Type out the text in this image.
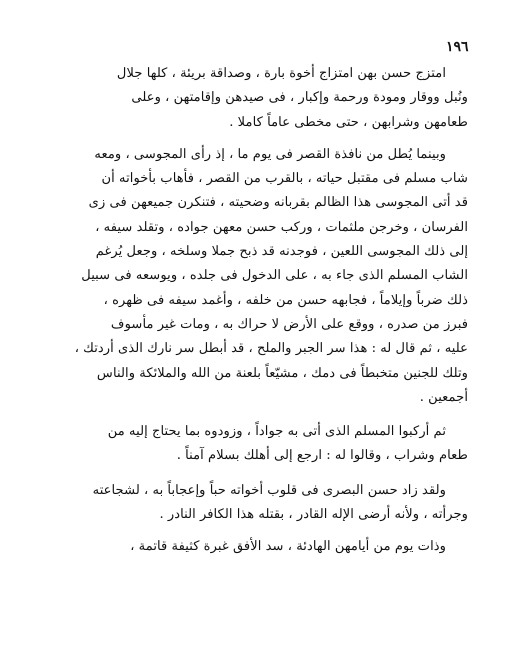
١٩٦
امتزج حسن بهن امتزاج أخوة بارة ، وصداقة بريئة ، كلها جلال
ونُبل ووقار ومودة ورحمة وإكبار ، فى صيدهن وإقامتهن ، وعلى
طعامهن وشرابهن ، حتى مخطى عاماً كاملا .
وبينما يُطل من نافذة القصر فى يوم ما ، إذ رأى المجوسى ، ومعه
شاب مسلم فى مقتبل حياته ، بالقرب من القصر ، فأهاب بأخواته أن
قد أتى المجوسى هذا الظالم بقربانه وضحيته ، فتنكرن جميعهن فى زى
الفرسان ، وخرجن ملثمات ، وركب حسن معهن جواده ، وتقلد سيفه ،
إلى ذلك المجوسى اللعين ، فوجدنه قد ذبح جملا وسلخه ، وجعل يُرغم
الشاب المسلم الذى جاء به ، على الدخول فى جلده ، ويوسعه فى سبيل
ذلك ضرباً وإيلاماً ، فجابهه حسن من خلفه ، وأغمد سيفه فى ظهره ،
فبرز من صدره ، ووقع على الأرض لا حراك به ، ومات غير مأسوف
عليه ، ثم قال له : هذا سر الجبر والملح ، قد أبطل سر نارك الذى أردتك ،
وتلك للجنين متخبطاً فى دمك ، مشيّعاً بلعنة من الله والملائكة والناس
أجمعين .
ثم أركبوا المسلم الذى أتى به جواداً ، وزودوه بما يحتاج إليه من
طعام وشراب ، وقالوا له : ارجع إلى أهلك بسلام آمناً .
ولقد زاد حسن البصرى فى قلوب أخواته حباً وإعجاباً به ، لشجاعته
وجرأته ، ولأنه أرضى الإله القادر ، بقتله هذا الكافر النادر .
وذات يوم من أيامهن الهادئة ، سد الأفق غبرة كثيفة قاتمة ،
